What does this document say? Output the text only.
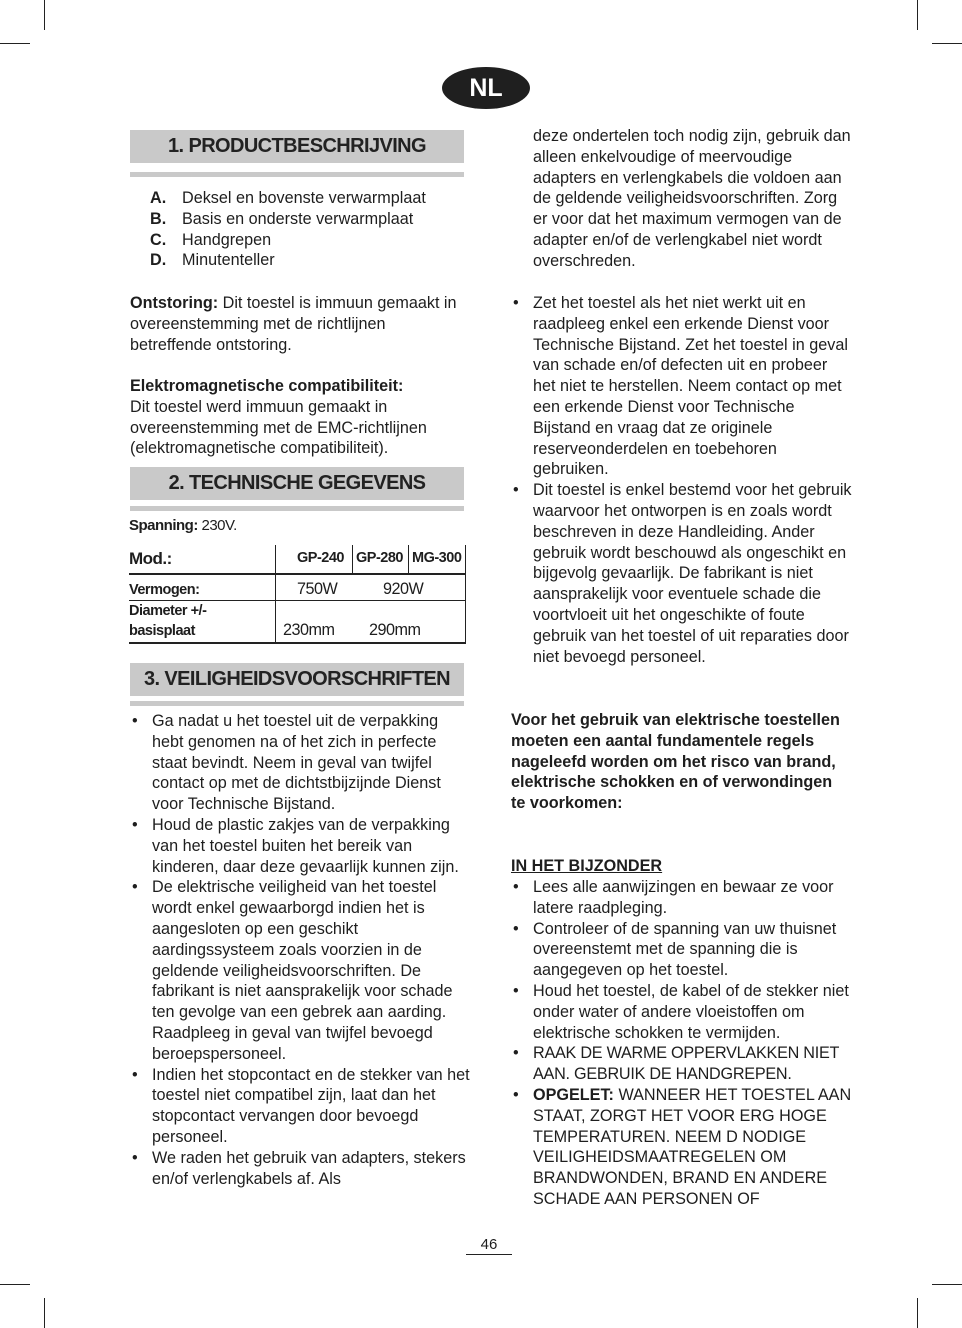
NL
1. PRODUCTBESCHRIJVING
A. Deksel en bovenste verwarmplaat
B. Basis en onderste verwarmplaat
C. Handgrepen
D. Minutenteller

Ontstoring: Dit toestel is immuun gemaakt in overeenstemming met de richtlijnen betreffende ontstoring.

Elektromagnetische compatibiliteit:
Dit toestel werd immuun gemaakt in overeenstemming met de EMC-richtlijnen (elektromagnetische compatibiliteit).

2. TECHNISCHE GEGEVENS
Spanning: 230V.
Mod.:	GP-240 GP-280 MG-300
Vermogen:	750W	920W
Diameter +/-
basisplaat	230mm 290mm
3. VEILIGHEIDSVOORSCHRIFTEN
• Ga nadat u het toestel uit de verpakking hebt genomen na of het zich in perfecte staat bevindt. Neem in geval van twijfel contact op met de dichtstbijzijnde Dienst voor Technische Bijstand.
• Houd de plastic zakjes van de verpakking van het toestel buiten het bereik van kinderen, daar deze gevaarlijk kunnen zijn.
• De elektrische veiligheid van het toestel wordt enkel gewaarborgd indien het is aangesloten op een geschikt aardingssysteem zoals voorzien in de geldende veiligheidsvoorschriften. De fabrikant is niet aansprakelijk voor schade ten gevolge van een gebrek aan aarding. Raadpleeg in geval van twijfel bevoegd beroepspersoneel.
• Indien het stopcontact en de stekker van het toestel niet compatibel zijn, laat dan het stopcontact vervangen door bevoegd personeel.
• We raden het gebruik van adapters, stekers en/of verlengkabels af. Als
deze ondertelen toch nodig zijn, gebruik dan alleen enkelvoudige of meervoudige adapters en verlengkabels die voldoen aan de geldende veiligheidsvoorschriften. Zorg er voor dat het maximum vermogen van de adapter en/of de verlengkabel niet wordt overschreden.
• Zet het toestel als het niet werkt uit en raadpleeg enkel een erkende Dienst voor Technische Bijstand. Zet het toestel in geval van schade en/of defecten uit en probeer het niet te herstellen. Neem contact op met een erkende Dienst voor Technische Bijstand en vraag dat ze originele reserveonderdelen en toebehoren gebruiken.
• Dit toestel is enkel bestemd voor het gebruik waarvoor het ontworpen is en zoals wordt beschreven in deze Handleiding. Ander gebruik wordt beschouwd als ongeschikt en bijgevolg gevaarlijk. De fabrikant is niet aansprakelijk voor eventuele schade die voortvloeit uit het ongeschikte of foute gebruik van het toestel of uit reparaties door niet bevoegd personeel.
Voor het gebruik van elektrische toestellen moeten een aantal fundamentele regels nageleefd worden om het risco van brand, elektrische schokken en of verwondingen te voorkomen:
IN HET BIJZONDER
• Lees alle aanwijzingen en bewaar ze voor latere raadpleging.
• Controleer of de spanning van uw thuisnet overeenstemt met de spanning die is aangegeven op het toestel.
• Houd het toestel, de kabel of de stekker niet onder water of andere vloeistoffen om elektrische schokken te vermijden.
• RAAK DE WARME OPPERVLAKKEN NIET AAN. GEBRUIK DE HANDGREPEN.
• OPGELET: WANNEER HET TOESTEL AAN STAAT, ZORGT HET VOOR ERG HOGE TEMPERATUREN. NEEM D NODIGE VEILIGHEIDSMAATREGELEN OM BRANDWONDEN, BRAND EN ANDERE SCHADE AAN PERSONEN OF
46
